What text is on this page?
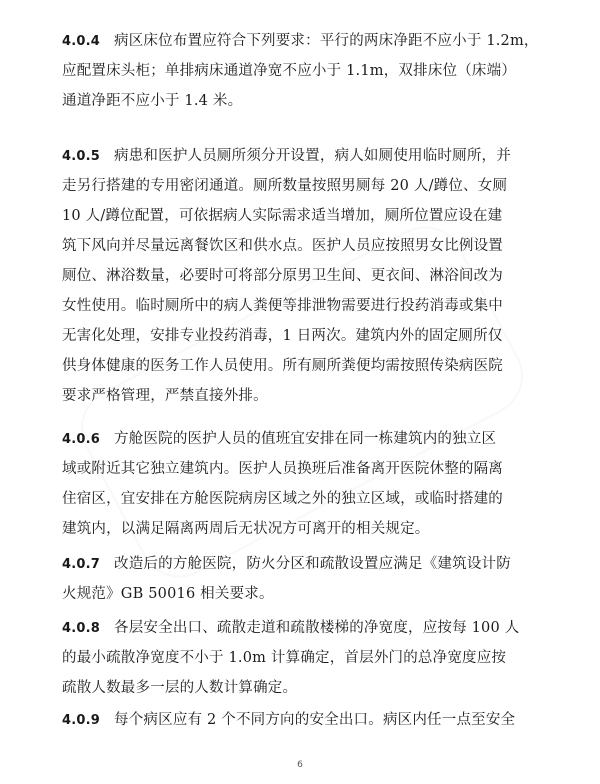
4.0.4 病区床位布置应符合下列要求：平行的两床净距不应小于 1.2m，
应配置床头柜；单排病床通道净宽不应小于 1.1m，双排床位（床端）
通道净距不应小于 1.4 米。
4.0.5 病患和医护人员厕所须分开设置，病人如厕使用临时厕所，并
走另行搭建的专用密闭通道。厕所数量按照男厕每 20 人/蹲位、女厕
10 人/蹲位配置，可依据病人实际需求适当增加，厕所位置应设在建
筑下风向并尽量远离餐饮区和供水点。医护人员应按照男女比例设置
厕位、淋浴数量，必要时可将部分原男卫生间、更衣间、淋浴间改为
女性使用。临时厕所中的病人粪便等排泄物需要进行投药消毒或集中
无害化处理，安排专业投药消毒，1 日两次。建筑内外的固定厕所仅
供身体健康的医务工作人员使用。所有厕所粪便均需按照传染病医院
要求严格管理，严禁直接外排。
4.0.6 方舱医院的医护人员的值班宜安排在同一栋建筑内的独立区
域或附近其它独立建筑内。医护人员换班后准备离开医院休整的隔离
住宿区，宜安排在方舱医院病房区域之外的独立区域，或临时搭建的
建筑内，以满足隔离两周后无状况方可离开的相关规定。
4.0.7 改造后的方舱医院，防火分区和疏散设置应满足《建筑设计防
火规范》GB 50016 相关要求。
4.0.8 各层安全出口、疏散走道和疏散楼梯的净宽度，应按每 100 人
的最小疏散净宽度不小于 1.0m 计算确定，首层外门的总净宽度应按
疏散人数最多一层的人数计算确定。
4.0.9 每个病区应有 2 个不同方向的安全出口。病区内任一点至安全
6
